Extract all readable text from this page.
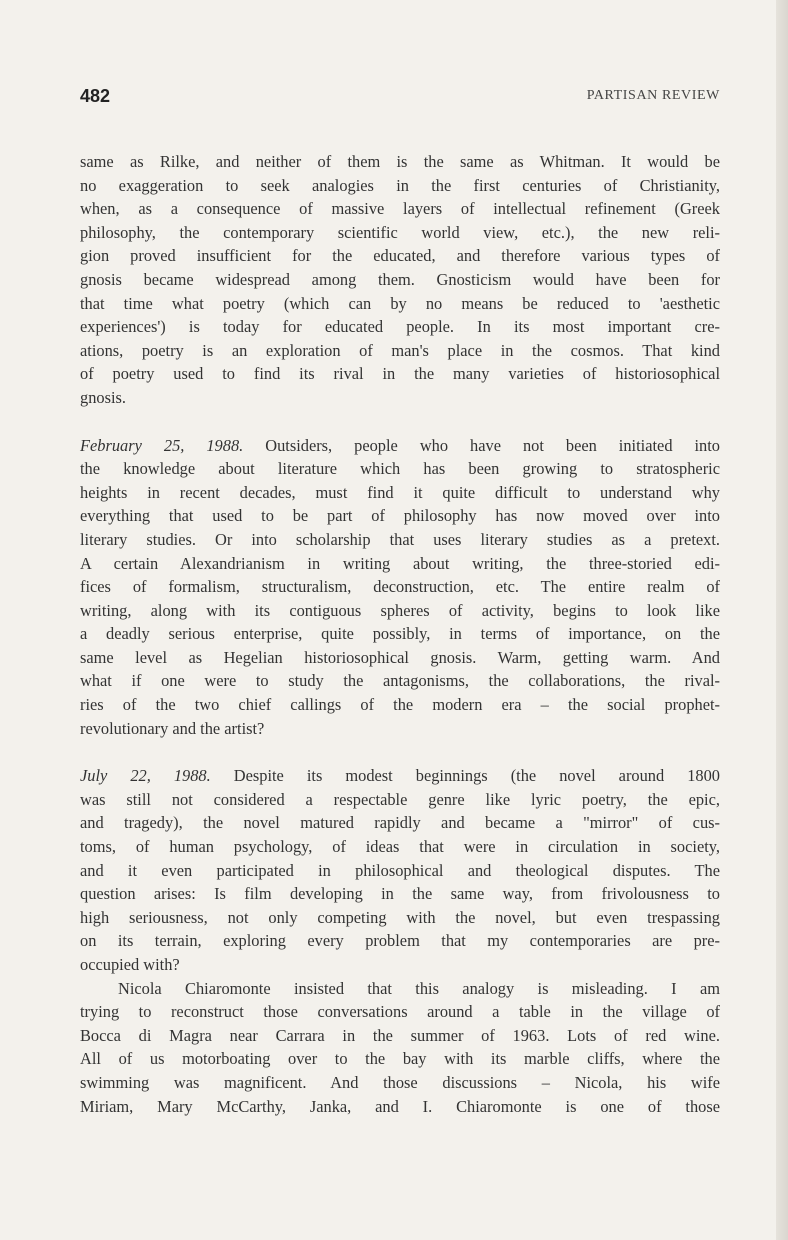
482	PARTISAN REVIEW
same as Rilke, and neither of them is the same as Whitman. It would be
no exaggeration to seek analogies in the first centuries of Christianity,
when, as a consequence of massive layers of intellectual refinement (Greek
philosophy, the contemporary scientific world view, etc.), the new reli-
gion proved insufficient for the educated, and therefore various types of
gnosis became widespread among them. Gnosticism would have been for
that time what poetry (which can by no means be reduced to 'aesthetic
experiences') is today for educated people. In its most important cre-
ations, poetry is an exploration of man's place in the cosmos. That kind
of poetry used to find its rival in the many varieties of historiosophical
gnosis.
February 25, 1988. Outsiders, people who have not been initiated into
the knowledge about literature which has been growing to stratospheric
heights in recent decades, must find it quite difficult to understand why
everything that used to be part of philosophy has now moved over into
literary studies. Or into scholarship that uses literary studies as a pretext.
A certain Alexandrianism in writing about writing, the three-storied edi-
fices of formalism, structuralism, deconstruction, etc. The entire realm of
writing, along with its contiguous spheres of activity, begins to look like
a deadly serious enterprise, quite possibly, in terms of importance, on the
same level as Hegelian historiosophical gnosis. Warm, getting warm. And
what if one were to study the antagonisms, the collaborations, the rival-
ries of the two chief callings of the modern era – the social prophet-
revolutionary and the artist?
July 22, 1988. Despite its modest beginnings (the novel around 1800
was still not considered a respectable genre like lyric poetry, the epic,
and tragedy), the novel matured rapidly and became a "mirror" of cus-
toms, of human psychology, of ideas that were in circulation in society,
and it even participated in philosophical and theological disputes. The
question arises: Is film developing in the same way, from frivolousness to
high seriousness, not only competing with the novel, but even trespassing
on its terrain, exploring every problem that my contemporaries are pre-
occupied with?
Nicola Chiaromonte insisted that this analogy is misleading. I am
trying to reconstruct those conversations around a table in the village of
Bocca di Magra near Carrara in the summer of 1963. Lots of red wine.
All of us motorboating over to the bay with its marble cliffs, where the
swimming was magnificent. And those discussions – Nicola, his wife
Miriam, Mary McCarthy, Janka, and I. Chiaromonte is one of those
